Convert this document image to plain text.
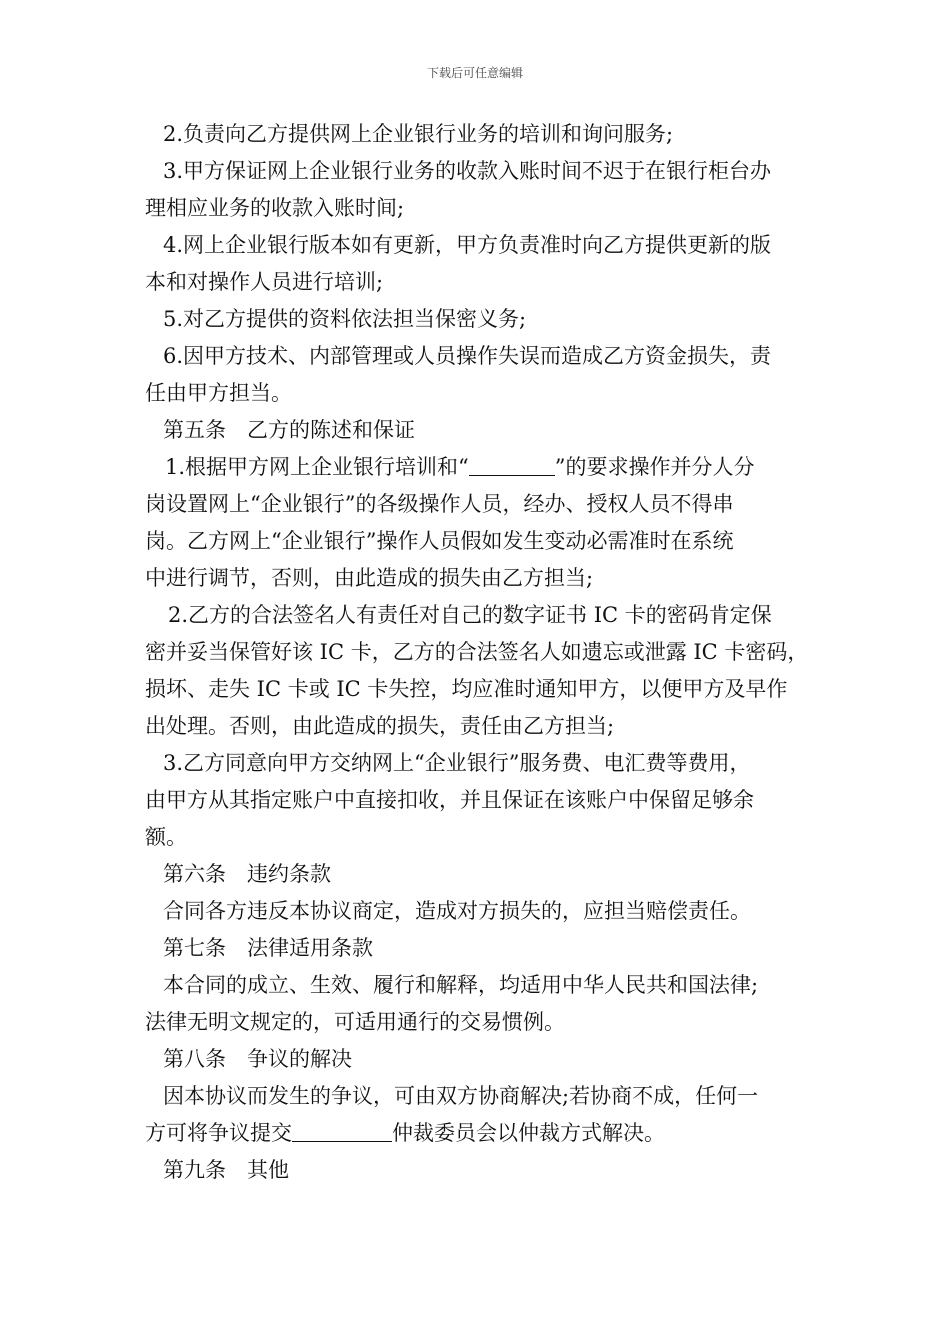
下载后可任意编辑
2.负责向乙方提供网上企业银行业务的培训和询问服务;
3.甲方保证网上企业银行业务的收款入账时间不迟于在银行柜台办
理相应业务的收款入账时间;
4.网上企业银行版本如有更新，甲方负责准时向乙方提供更新的版
本和对操作人员进行培训;
5.对乙方提供的资料依法担当保密义务;
6.因甲方技术、内部管理或人员操作失误而造成乙方资金损失，责
任由甲方担当。
第五条　乙方的陈述和保证
1.根据甲方网上企业银行培训和“	”的要求操作并分人分
岗设置网上“企业银行”的各级操作人员，经办、授权人员不得串
岗。乙方网上“企业银行”操作人员假如发生变动必需准时在系统
中进行调节，否则，由此造成的损失由乙方担当;
2.乙方的合法签名人有责任对自己的数字证书 IC 卡的密码肯定保
密并妥当保管好该 IC 卡，乙方的合法签名人如遗忘或泄露 IC 卡密码，
损坏、走失 IC 卡或 IC 卡失控，均应准时通知甲方，以便甲方及早作
出处理。否则，由此造成的损失，责任由乙方担当;
3.乙方同意向甲方交纳网上“企业银行”服务费、电汇费等费用，
由甲方从其指定账户中直接扣收，并且保证在该账户中保留足够余
额。
第六条　违约条款
合同各方违反本协议商定，造成对方损失的，应担当赔偿责任。
第七条　法律适用条款
本合同的成立、生效、履行和解释，均适用中华人民共和国法律;
法律无明文规定的，可适用通行的交易惯例。
第八条　争议的解决
因本协议而发生的争议，可由双方协商解决;若协商不成，任何一
方可将争议提交	仲裁委员会以仲裁方式解决。
第九条　其他
